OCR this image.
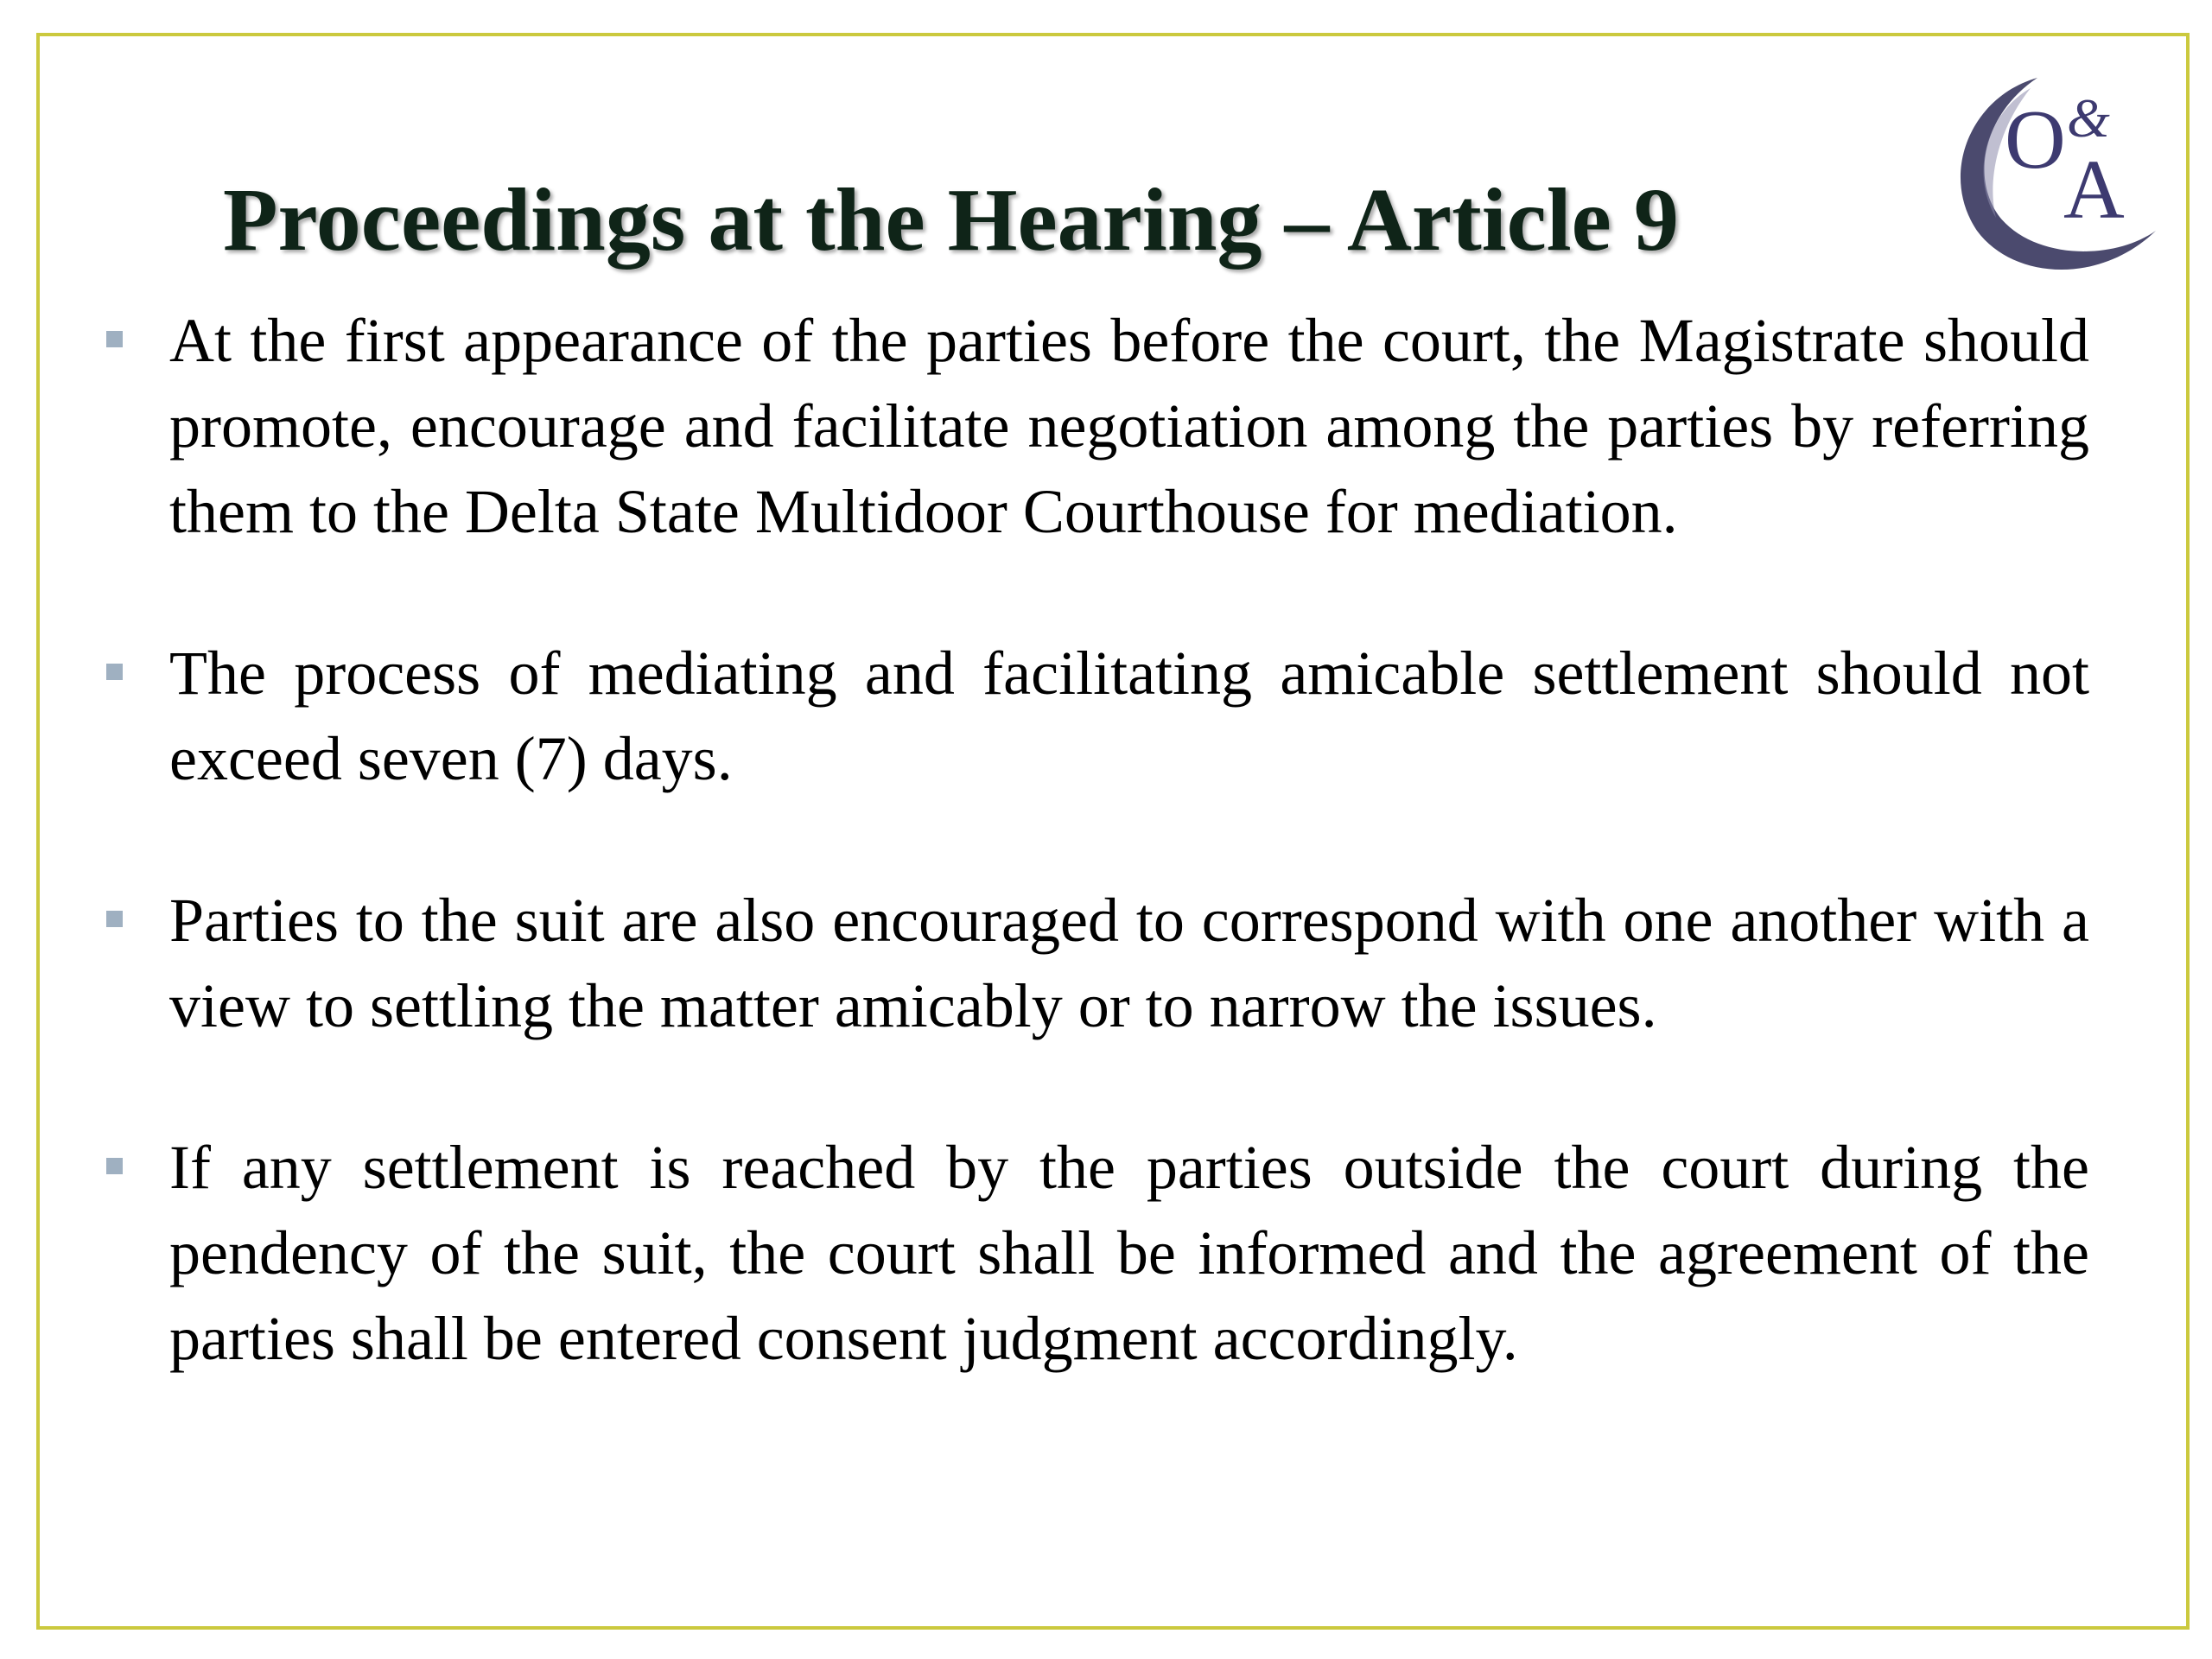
Proceedings at the Hearing – Article 9
O &
A
At the first appearance of the parties before the court, the Magistrate should promote, encourage and facilitate negotiation among the parties by referring them to the Delta State Multidoor Courthouse for mediation.
The process of mediating and facilitating amicable settlement should not exceed seven (7) days.
Parties to the suit are also encouraged to correspond with one another with a view to settling the matter amicably or to narrow the issues.
If any settlement is reached by the parties outside the court during the pendency of the suit, the court shall be informed and the agreement of the parties shall be entered consent judgment accordingly.
